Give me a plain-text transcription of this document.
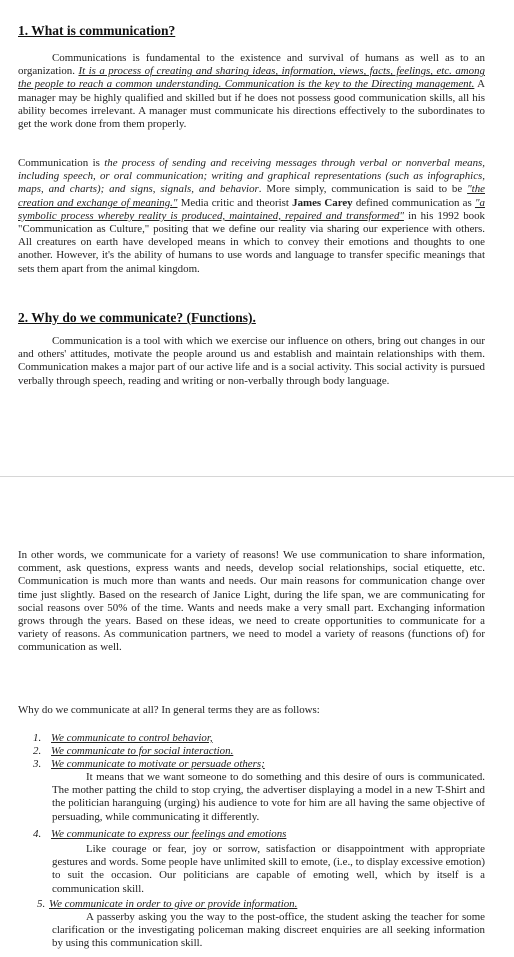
1. What is communication?

Communications is fundamental to the existence and survival of humans as well as to an organization. It is a process of creating and sharing ideas, information, views, facts, feelings, etc. among the people to reach a common understanding. Communication is the key to the Directing management. A manager may be highly qualified and skilled but if he does not possess good communication skills, all his ability becomes irrelevant. A manager must communicate his directions effectively to the subordinates to get the work done from them properly.

Communication is the process of sending and receiving messages through verbal or nonverbal means, including speech, or oral communication; writing and graphical representations (such as infographics, maps, and charts); and signs, signals, and behavior. More simply, communication is said to be "the creation and exchange of meaning." Media critic and theorist James Carey defined communication as "a symbolic process whereby reality is produced, maintained, repaired and transformed" in his 1992 book "Communication as Culture," positing that we define our reality via sharing our experience with others. All creatures on earth have developed means in which to convey their emotions and thoughts to one another. However, it's the ability of humans to use words and language to transfer specific meanings that sets them apart from the animal kingdom.

2. Why do we communicate? (Functions).

Communication is a tool with which we exercise our influence on others, bring out changes in our and others' attitudes, motivate the people around us and establish and maintain relationships with them. Communication makes a major part of our active life and is a social activity. This social activity is pursued verbally through speech, reading and writing or non-verbally through body language.

In other words, we communicate for a variety of reasons! We use communication to share information, comment, ask questions, express wants and needs, develop social relationships, social etiquette, etc. Communication is much more than wants and needs. Our main reasons for communication change over time just slightly. Based on the research of Janice Light, during the life span, we are communicating for social reasons over 50% of the time. Wants and needs make a very small part. Exchanging information grows through the years. Based on these ideas, we need to create opportunities to communicate for a variety of reasons. As communication partners, we need to model a variety of reasons (functions of) for communication as well.

Why do we communicate at all? In general terms they are as follows:
1. We communicate to control behavior,
2. We communicate to for social interaction.
3. We communicate to motivate or persuade others;

It means that we want someone to do something and this desire of ours is communicated. The mother patting the child to stop crying, the advertiser displaying a model in a new T-Shirt and the politician haranguing (urging) his audience to vote for him are all having the same objective of persuading, while communicating it differently.

4. We communicate to express our feelings and emotions

Like courage or fear, joy or sorrow, satisfaction or disappointment with appropriate gestures and words. Some people have unlimited skill to emote, (i.e., to display excessive emotion) to suit the occasion. Our politicians are capable of emoting well, which by itself is a communication skill.

5. We communicate in order to give or provide information.

A passerby asking you the way to the post-office, the student asking the teacher for some clarification or the investigating policeman making discreet enquiries are all seeking information by using this communication skill.
